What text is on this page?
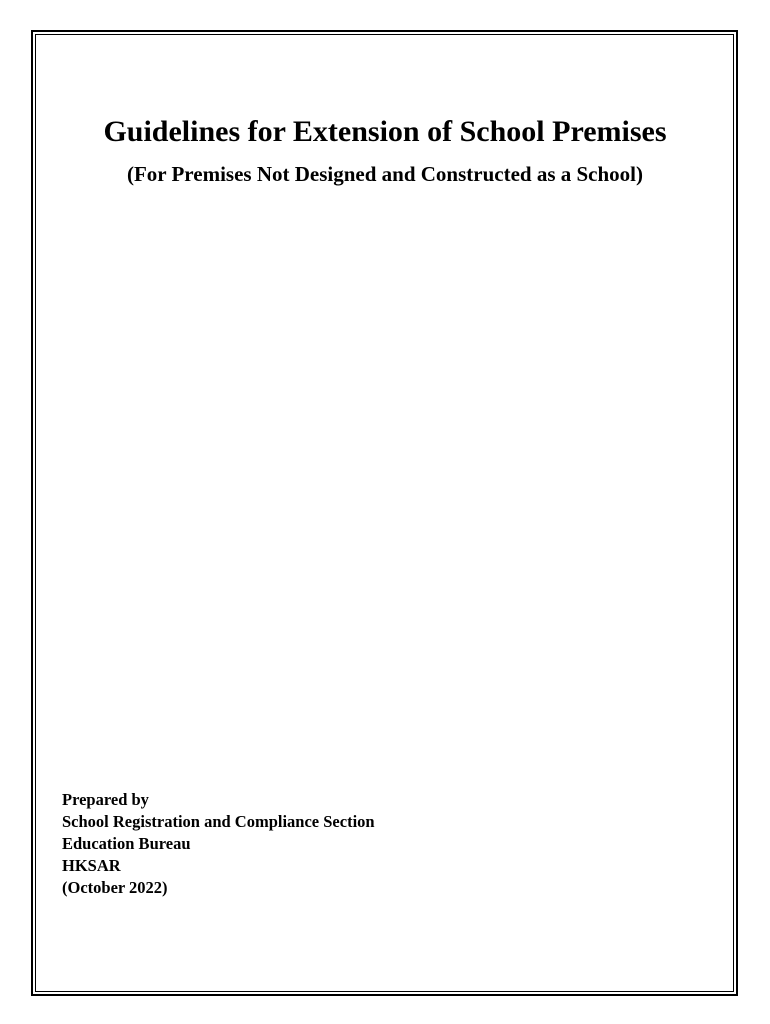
Guidelines for Extension of School Premises
(For Premises Not Designed and Constructed as a School)
Prepared by
School Registration and Compliance Section
Education Bureau
HKSAR
(October 2022)
